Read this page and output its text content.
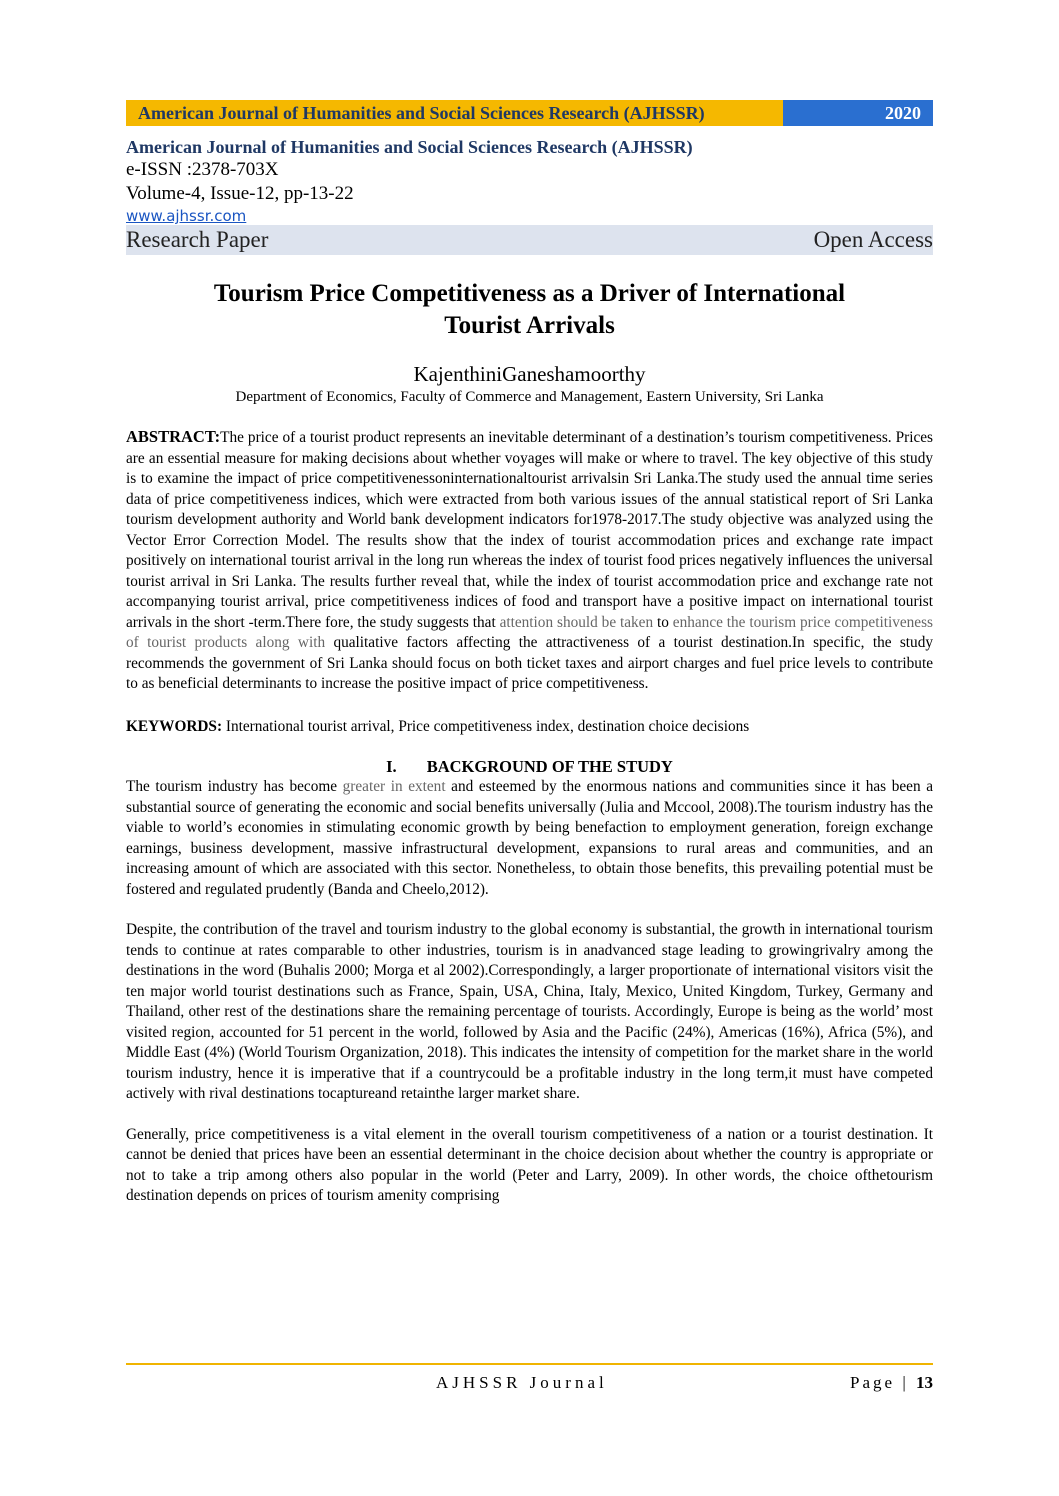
American Journal of Humanities and Social Sciences Research (AJHSSR)	2020
American Journal of Humanities and Social Sciences Research (AJHSSR)
e-ISSN :2378-703X
Volume-4, Issue-12, pp-13-22
www.ajhssr.com
Research Paper	Open Access
Tourism Price Competitiveness as a Driver of International
Tourist Arrivals
KajenthiniGaneshamoorthy
Department of Economics, Faculty of Commerce and Management, Eastern University, Sri Lanka
ABSTRACT:The price of a tourist product represents an inevitable determinant of a destination’s tourism competitiveness. Prices are an essential measure for making decisions about whether voyages will make or where to travel. The key objective of this study is to examine the impact of price competitivenessoninternationaltourist arrivalsin Sri Lanka.The study used the annual time series data of price competitiveness indices, which were extracted from both various issues of the annual statistical report of Sri Lanka tourism development authority and World bank development indicators for1978-2017.The study objective was analyzed using the Vector Error Correction Model. The results show that the index of tourist accommodation prices and exchange rate impact positively on international tourist arrival in the long run whereas the index of tourist food prices negatively influences the universal tourist arrival in Sri Lanka. The results further reveal that, while the index of tourist accommodation price and exchange rate not accompanying tourist arrival, price competitiveness indices of food and transport have a positive impact on international tourist arrivals in the short -term.There fore, the study suggests that attention should be taken to enhance the tourism price competitiveness of tourist products along with qualitative factors affecting the attractiveness of a tourist destination.In specific, the study recommends the government of Sri Lanka should focus on both ticket taxes and airport charges and fuel price levels to contribute to as beneficial determinants to increase the positive impact of price competitiveness.
KEYWORDS: International tourist arrival, Price competitiveness index, destination choice decisions
I. BACKGROUND OF THE STUDY

The tourism industry has become greater in extent and esteemed by the enormous nations and communities since it has been a substantial source of generating the economic and social benefits universally (Julia and Mccool, 2008).The tourism industry has the viable to world’s economies in stimulating economic growth by being benefaction to employment generation, foreign exchange earnings, business development, massive infrastructural development, expansions to rural areas and communities, and an increasing amount of which are associated with this sector. Nonetheless, to obtain those benefits, this prevailing potential must be fostered and regulated prudently (Banda and Cheelo,2012).

Despite, the contribution of the travel and tourism industry to the global economy is substantial, the growth in international tourism tends to continue at rates comparable to other industries, tourism is in anadvanced stage leading to growingrivalry among the destinations in the word (Buhalis 2000; Morga et al 2002).Correspondingly, a larger proportionate of international visitors visit the ten major world tourist destinations such as France, Spain, USA, China, Italy, Mexico, United Kingdom, Turkey, Germany and Thailand, other rest of the destinations share the remaining percentage of tourists. Accordingly, Europe is being as the world’ most visited region, accounted for 51 percent in the world, followed by Asia and the Pacific (24%), Americas (16%), Africa (5%), and Middle East (4%) (World Tourism Organization, 2018). This indicates the intensity of competition for the market share in the world tourism industry, hence it is imperative that if a countrycould be a profitable industry in the long term,it must have competed actively with rival destinations tocaptureand retainthe larger market share.

Generally, price competitiveness is a vital element in the overall tourism competitiveness of a nation or a tourist destination. It cannot be denied that prices have been an essential determinant in the choice decision about whether the country is appropriate or not to take a trip among others also popular in the world (Peter and Larry, 2009). In other words, the choice ofthetourism destination depends on prices of tourism amenity comprising

AJHSSR Journal	Page | 13
